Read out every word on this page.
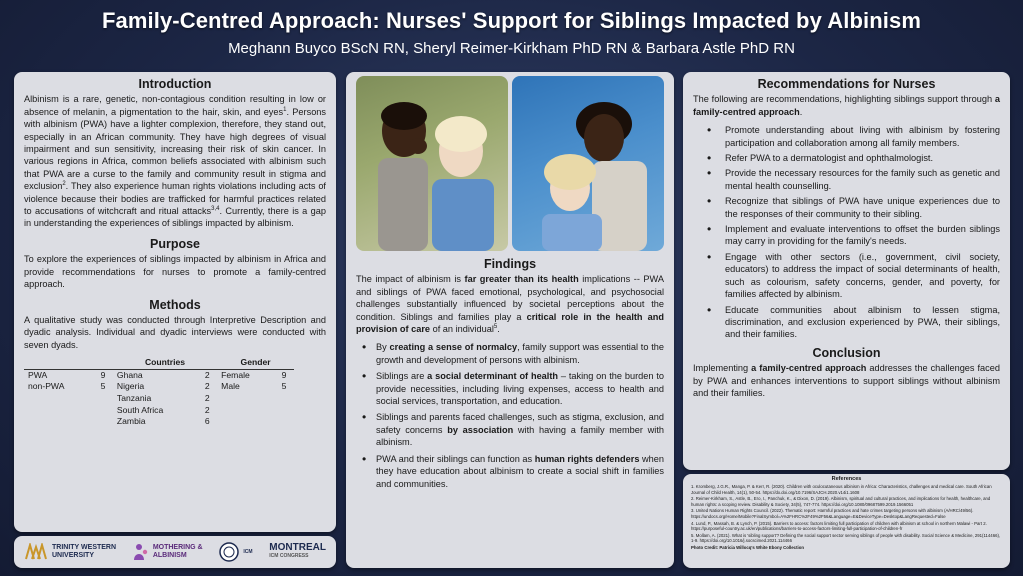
Family-Centred Approach: Nurses' Support for Siblings Impacted by Albinism
Meghann Buyco BScN RN, Sheryl Reimer-Kirkham PhD RN & Barbara Astle PhD RN
Introduction

Albinism is a rare, genetic, non-contagious condition resulting in low or absence of melanin, a pigmentation to the hair, skin, and eyes$^1$. Persons with albinism (PWA) have a lighter complexion, therefore, they stand out, especially in an African community. They have high degrees of visual impairment and sun sensitivity, increasing their risk of skin cancer. In various regions in Africa, common beliefs associated with albinism such that PWA are a curse to the family and community result in stigma and exclusion$^2$. They also experience human rights violations including acts of violence because their bodies are trafficked for harmful practices related to accusations of witchcraft and ritual attacks$^{3,4}$. Currently, there is a gap in understanding the experiences of siblings impacted by albinism.

Purpose

To explore the experiences of siblings impacted by albinism in Africa and provide recommendations for nurses to promote a family-centred approach.

Methods

A qualitative study was conducted through Interpretive Description and dyadic analysis. Individual and dyadic interviews were conducted with seven dyads.

		Countries		Gender	
PWA	9	Ghana	2	Female	9
non-PWA	5	Nigeria	2	Male	5
		Tanzania	2		
		South Africa	2		
		Zambia	6		
TRINITY WESTERN
UNIVERSITY
MOTHERING &
ALBINISM
ICM MONTREAL
ICM CONGRESS
Findings

The impact of albinism is far greater than its health implications -- PWA and siblings of PWA faced emotional, psychological, and psychosocial challenges substantially influenced by societal perceptions about the condition. Siblings and families play a critical role in the health and provision of care of an individual$^5$.

• By creating a sense of normalcy, family support was essential to the growth and development of persons with albinism.
• Siblings are a social determinant of health – taking on the burden to provide necessities, including living expenses, access to health and social services, transportation, and education.
• Siblings and parents faced challenges, such as stigma, exclusion, and safety concerns by association with having a family member with albinism.
• PWA and their siblings can function as human rights defenders when they have education about albinism to create a social shift in families and communities.
Recommendations for Nurses

The following are recommendations, highlighting siblings support through a family-centred approach.

• Promote understanding about living with albinism by fostering participation and collaboration among all family members.
• Refer PWA to a dermatologist and ophthalmologist.
• Provide the necessary resources for the family such as genetic and mental health counselling.
• Recognize that siblings of PWA have unique experiences due to the responses of their community to their sibling.
• Implement and evaluate interventions to offset the burden siblings may carry in providing for the family's needs.
• Engage with other sectors (i.e., government, civil society, educators) to address the impact of social determinants of health, such as colourism, safety concerns, gender, and poverty, for families affected by albinism.
• Educate communities about albinism to lessen stigma, discrimination, and exclusion experienced by PWA, their siblings, and their families.
Conclusion

Implementing a family-centred approach addresses the challenges faced by PWA and enhances interventions to support siblings without albinism and their families.

References
1. Kromberg, J.G.R., Manga, P. & Kerr, R. (2020). Children with oculocutaneous albinism in Africa: Characteristics, challenges and medical care. South African Journal of Child Health, 14(1), 50-54. https://dx.doi.org/10.7196/SAJCH.2020.v14i1.1608
2. Reimer-Kirkham, S., Astle, B., Ero, I., Panchuk, K., & Dixon, D. (2019). Albinism, spiritual and cultural practices, and implications for health, healthcare, and human rights: a scoping review. Disability & Society, 34(5), 747-774. https://doi.org/10.1080/09687599.2019.1566051
3. United Nations Human Rights Council. (2022). Thematic report: Harmful practices and hate crimes targeting persons with albinism (A/HRC/49/56). https://undocs.org/Home/Mobile?FinalSymbol=A%2FHRC%2F49%2F56&Language=E&DeviceType=Desktop&LangRequested=False
4. Lund, P., Massah, B. & Lynch, P. (2015). Barriers to access: factors limiting full participation of children with albinism at school in northern Malawi - Part 2. https://purposeful-country.ac.uk/en/publications/barriers-to-access-factors-limiting-full-participation-of-children-fr
5. Mollam, A. (2021). What is 'sibling support'? Defining the social support sector serving siblings of people with disability. Social Science & Medicine, 291(114466), 1-9. https://doi.org/10.1016/j.socscimed.2021.114466
Photo Credit: Patricia Willocq's White Ebony Collection
